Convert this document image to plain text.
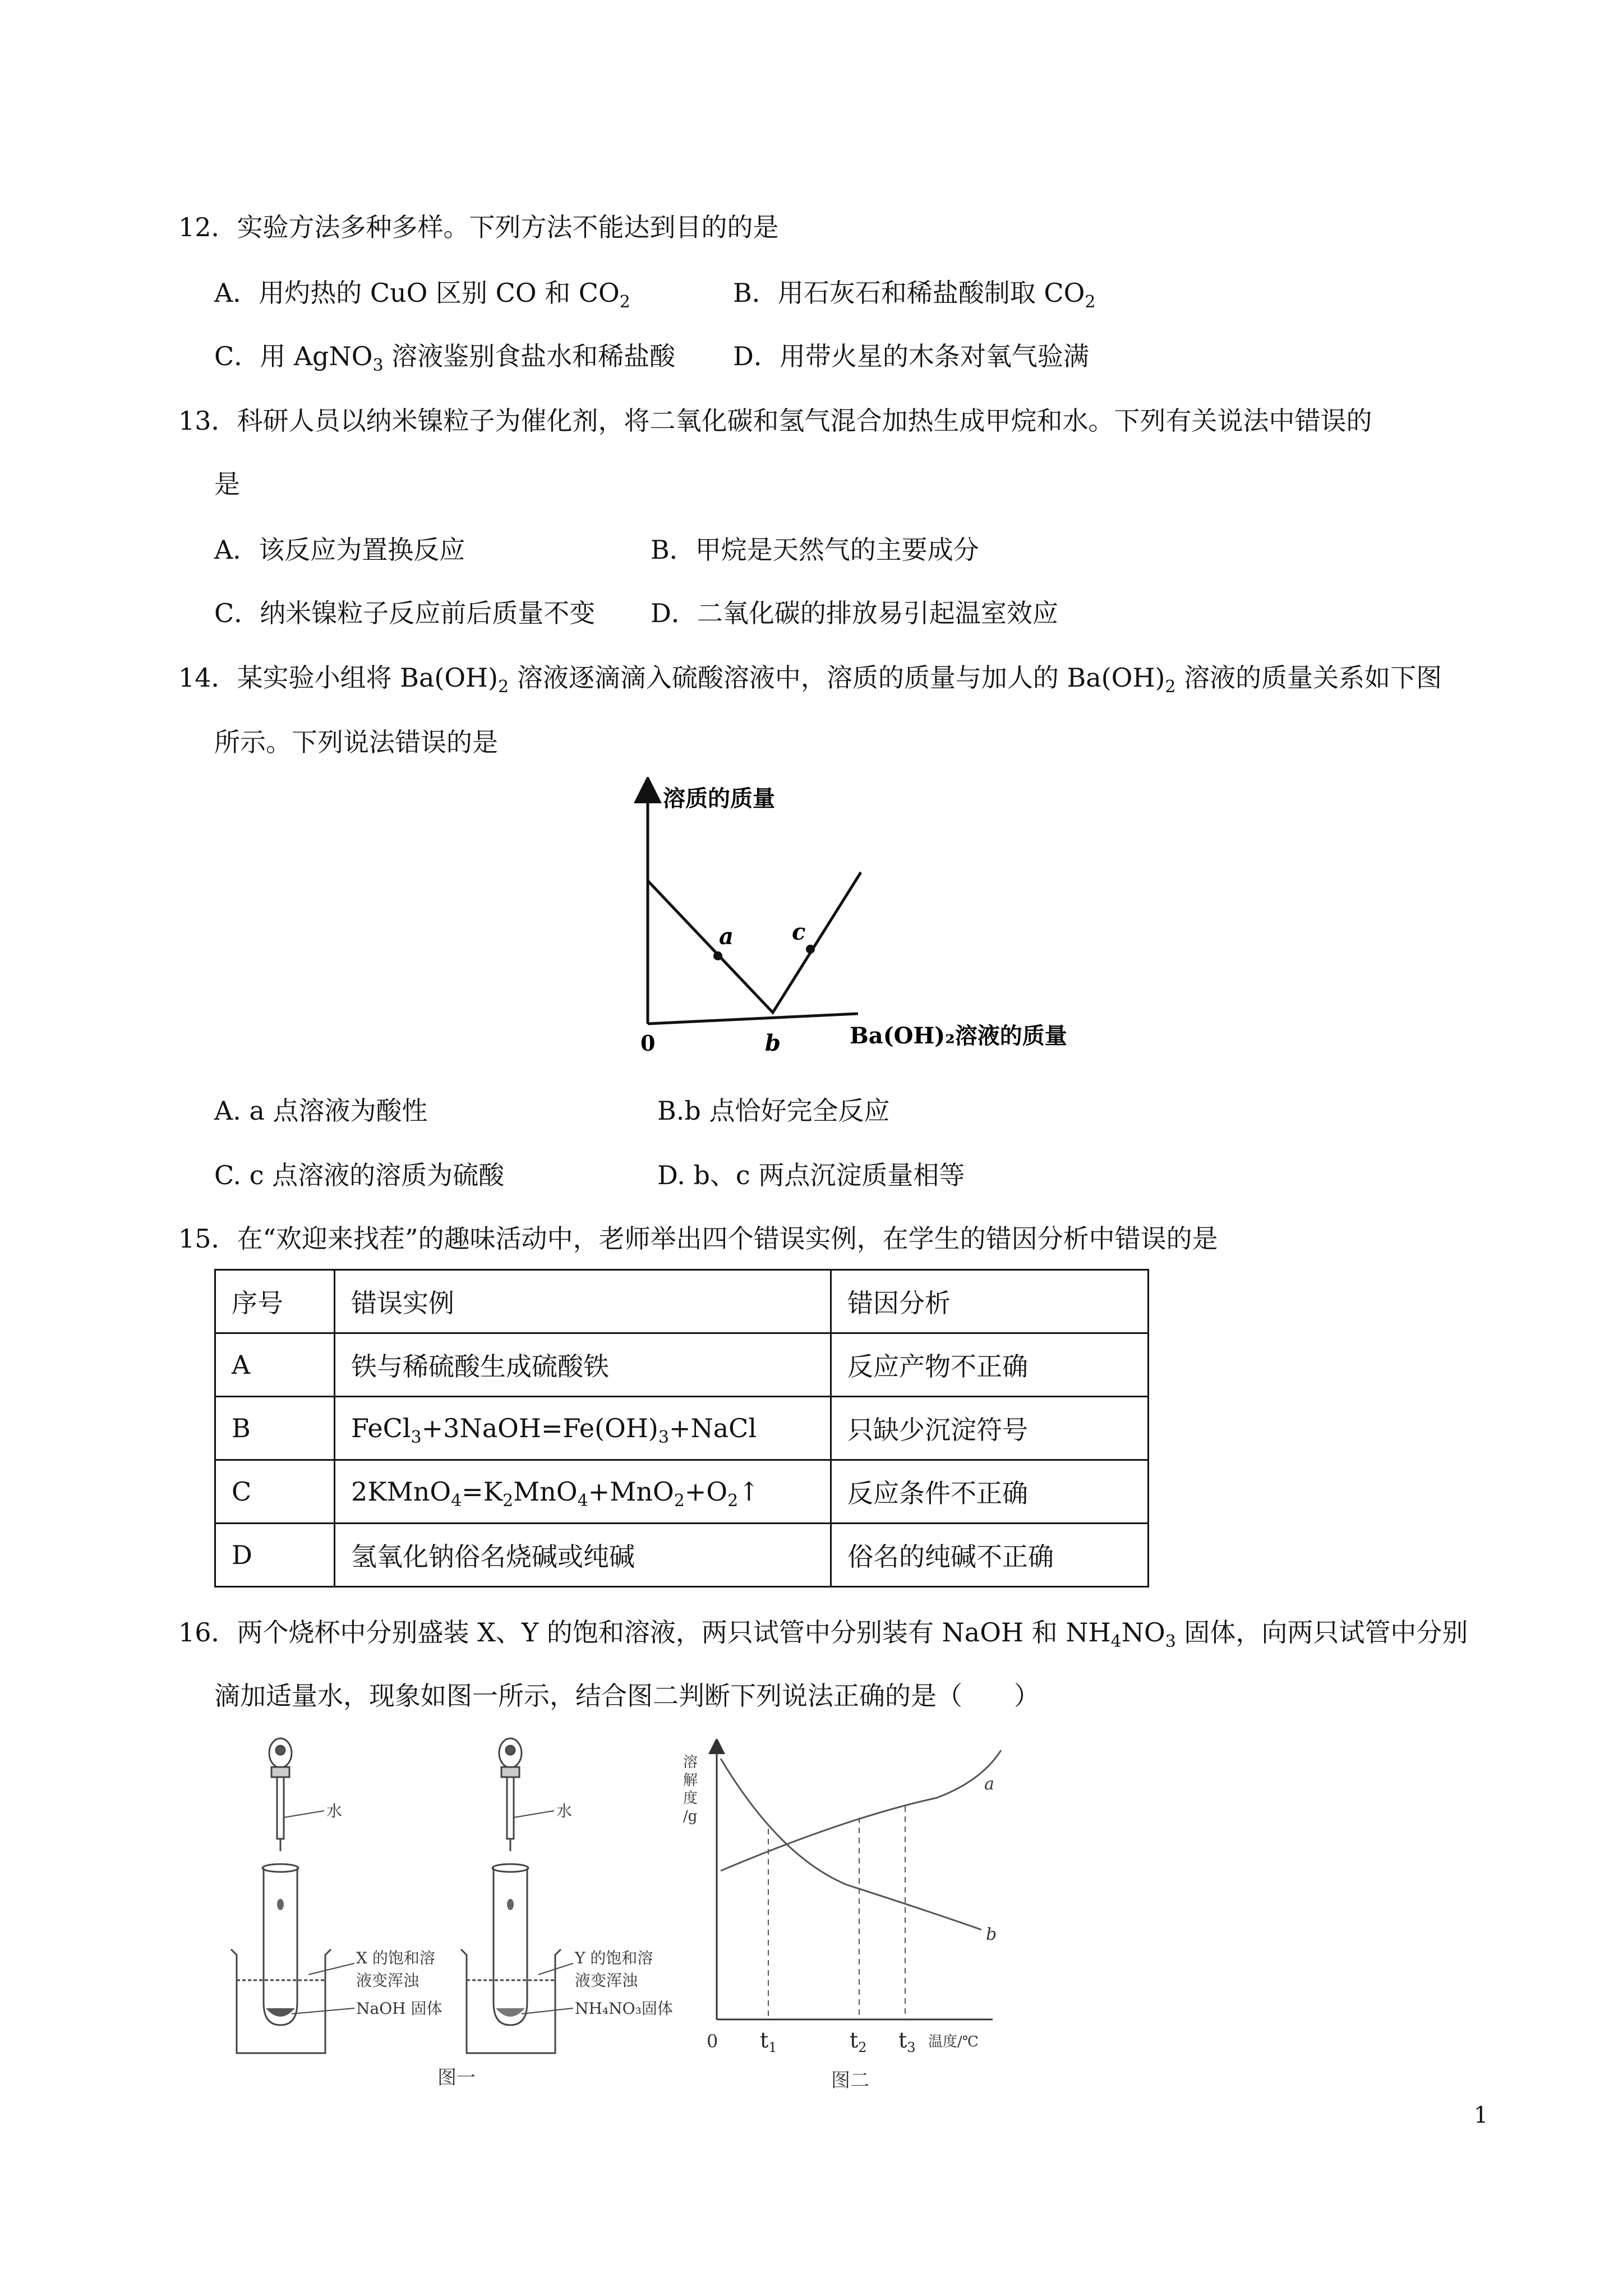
12．实验方法多种多样。下列方法不能达到目的的是
A．用灼热的 CuO 区别 CO 和 $CO_2$	B．用石灰石和稀盐酸制取 $CO_2$
C．用 AgNO$_3$ 溶液鉴别食盐水和稀盐酸 D．用带火星的木条对氧气验满
13．科研人员以纳米镍粒子为催化剂，将二氧化碳和氢气混合加热生成甲烷和水。下列有关说法中错误的
是
A．该反应为置换反应	B．甲烷是天然气的主要成分
C．纳米镍粒子反应前后质量不变 D．二氧化碳的排放易引起温室效应
14．某实验小组将 $Ba(OH)_2$ 溶液逐滴滴入硫酸溶液中，溶质的质量与加人的 $Ba(OH)_2$ 溶液的质量关系如下图
所示。下列说法错误的是
溶质的质量
0	Ba(OH)₂溶液的质量
a
b
c
A. a 点溶液为酸性	B.b 点恰好完全反应
C. c 点溶液的溶质为硫酸	D. b、c 两点沉淀质量相等
15．在“欢迎来找茬”的趣味活动中，老师举出四个错误实例，在学生的错因分析中错误的是
序号	错误实例	错因分析
A	铁与稀硫酸生成硫酸铁	反应产物不正确
B	$FeCl_3+3NaOH=Fe(OH)_3+NaCl$	只缺少沉淀符号
C	$2KMnO_4=K_2MnO_4+MnO_2+O_2↑$	反应条件不正确
D	氢氧化钠俗名烧碱或纯碱	俗名的纯碱不正确
16．两个烧杯中分别盛装 X、Y 的饱和溶液，两只试管中分别装有 NaOH 和 $NH_4NO_3$ 固体，向两只试管中分别
滴加适量水，现象如图一所示，结合图二判断下列说法正确的是（　　）
水
X 的饱和溶
液变浑浊
NaOH 固体
水
Y 的饱和溶
液变浑浊
NH₄NO₃固体
图一
溶
解
度
/g
0
a
b
$t_1$	$t_2$ $t_3$ 温度/℃
图二
1
